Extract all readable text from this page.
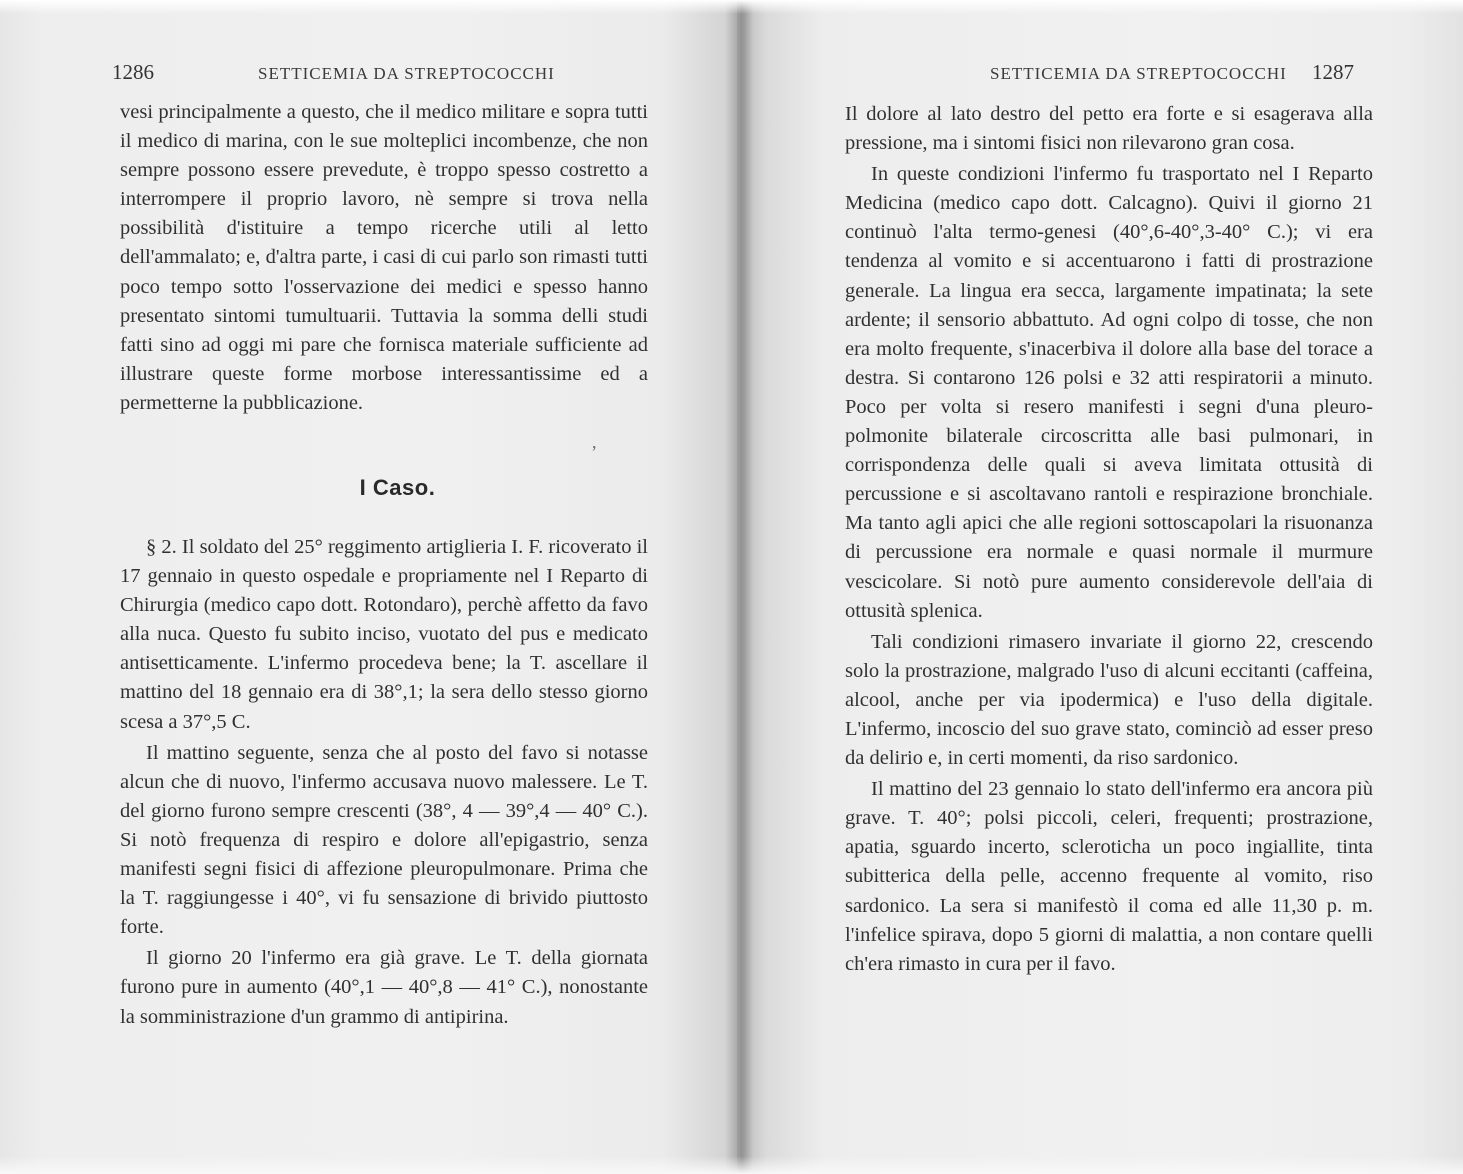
1286	SETTICEMIA DA STREPTOCOCCHI

vesi principalmente a questo, che il medico militare e sopra tutti il medico di marina, con le sue molteplici incombenze, che non sempre possono essere prevedute, è troppo spesso costretto a interrompere il proprio lavoro, nè sempre si trova nella possibilità d'istituire a tempo ricerche utili al letto dell'ammalato; e, d'altra parte, i casi di cui parlo son rimasti tutti poco tempo sotto l'osservazione dei medici e spesso hanno presentato sintomi tumultuarii. Tuttavia la somma delli studi fatti sino ad oggi mi pare che fornisca materiale sufficiente ad illustrare queste forme morbose interessantissime ed a permetterne la pubblicazione.

,
I Caso.

§ 2. Il soldato del 25° reggimento artiglieria I. F. ricoverato il 17 gennaio in questo ospedale e propriamente nel I Reparto di Chirurgia (medico capo dott. Rotondaro), perchè affetto da favo alla nuca. Questo fu subito inciso, vuotato del pus e medicato antisetticamente. L'infermo procedeva bene; la T. ascellare il mattino del 18 gennaio era di 38°,1; la sera dello stesso giorno scesa a 37°,5 C.

Il mattino seguente, senza che al posto del favo si notasse alcun che di nuovo, l'infermo accusava nuovo malessere. Le T. del giorno furono sempre crescenti (38°, 4 — 39°,4 — 40° C.). Si notò frequenza di respiro e dolore all'epigastrio, senza manifesti segni fisici di affezione pleuropulmonare. Prima che la T. raggiungesse i 40°, vi fu sensazione di brivido piuttosto forte.

Il giorno 20 l'infermo era già grave. Le T. della giornata furono pure in aumento (40°,1 — 40°,8 — 41° C.), nonostante la somministrazione d'un grammo di antipirina.

SETTICEMIA DA STREPTOCOCCHI 1287

Il dolore al lato destro del petto era forte e si esagerava alla pressione, ma i sintomi fisici non rilevarono gran cosa.

In queste condizioni l'infermo fu trasportato nel I Reparto Medicina (medico capo dott. Calcagno). Quivi il giorno 21 continuò l'alta termo-genesi (40°,6-40°,3-40° C.); vi era tendenza al vomito e si accentuarono i fatti di prostrazione generale. La lingua era secca, largamente impatinata; la sete ardente; il sensorio abbattuto. Ad ogni colpo di tosse, che non era molto frequente, s'inacerbiva il dolore alla base del torace a destra. Si contarono 126 polsi e 32 atti respiratorii a minuto. Poco per volta si resero manifesti i segni d'una pleuro-polmonite bilaterale circoscritta alle basi pulmonari, in corrispondenza delle quali si aveva limitata ottusità di percussione e si ascoltavano rantoli e respirazione bronchiale. Ma tanto agli apici che alle regioni sottoscapolari la risuonanza di percussione era normale e quasi normale il murmure vescicolare. Si notò pure aumento considerevole dell'aia di ottusità splenica.

Tali condizioni rimasero invariate il giorno 22, crescendo solo la prostrazione, malgrado l'uso di alcuni eccitanti (caffeina, alcool, anche per via ipodermica) e l'uso della digitale. L'infermo, incoscio del suo grave stato, cominciò ad esser preso da delirio e, in certi momenti, da riso sardonico.

Il mattino del 23 gennaio lo stato dell'infermo era ancora più grave. T. 40°; polsi piccoli, celeri, frequenti; prostrazione, apatia, sguardo incerto, scleroticha un poco ingiallite, tinta subitterica della pelle, accenno frequente al vomito, riso sardonico. La sera si manifestò il coma ed alle 11,30 p. m. l'infelice spirava, dopo 5 giorni di malattia, a non contare quelli ch'era rimasto in cura per il favo.
